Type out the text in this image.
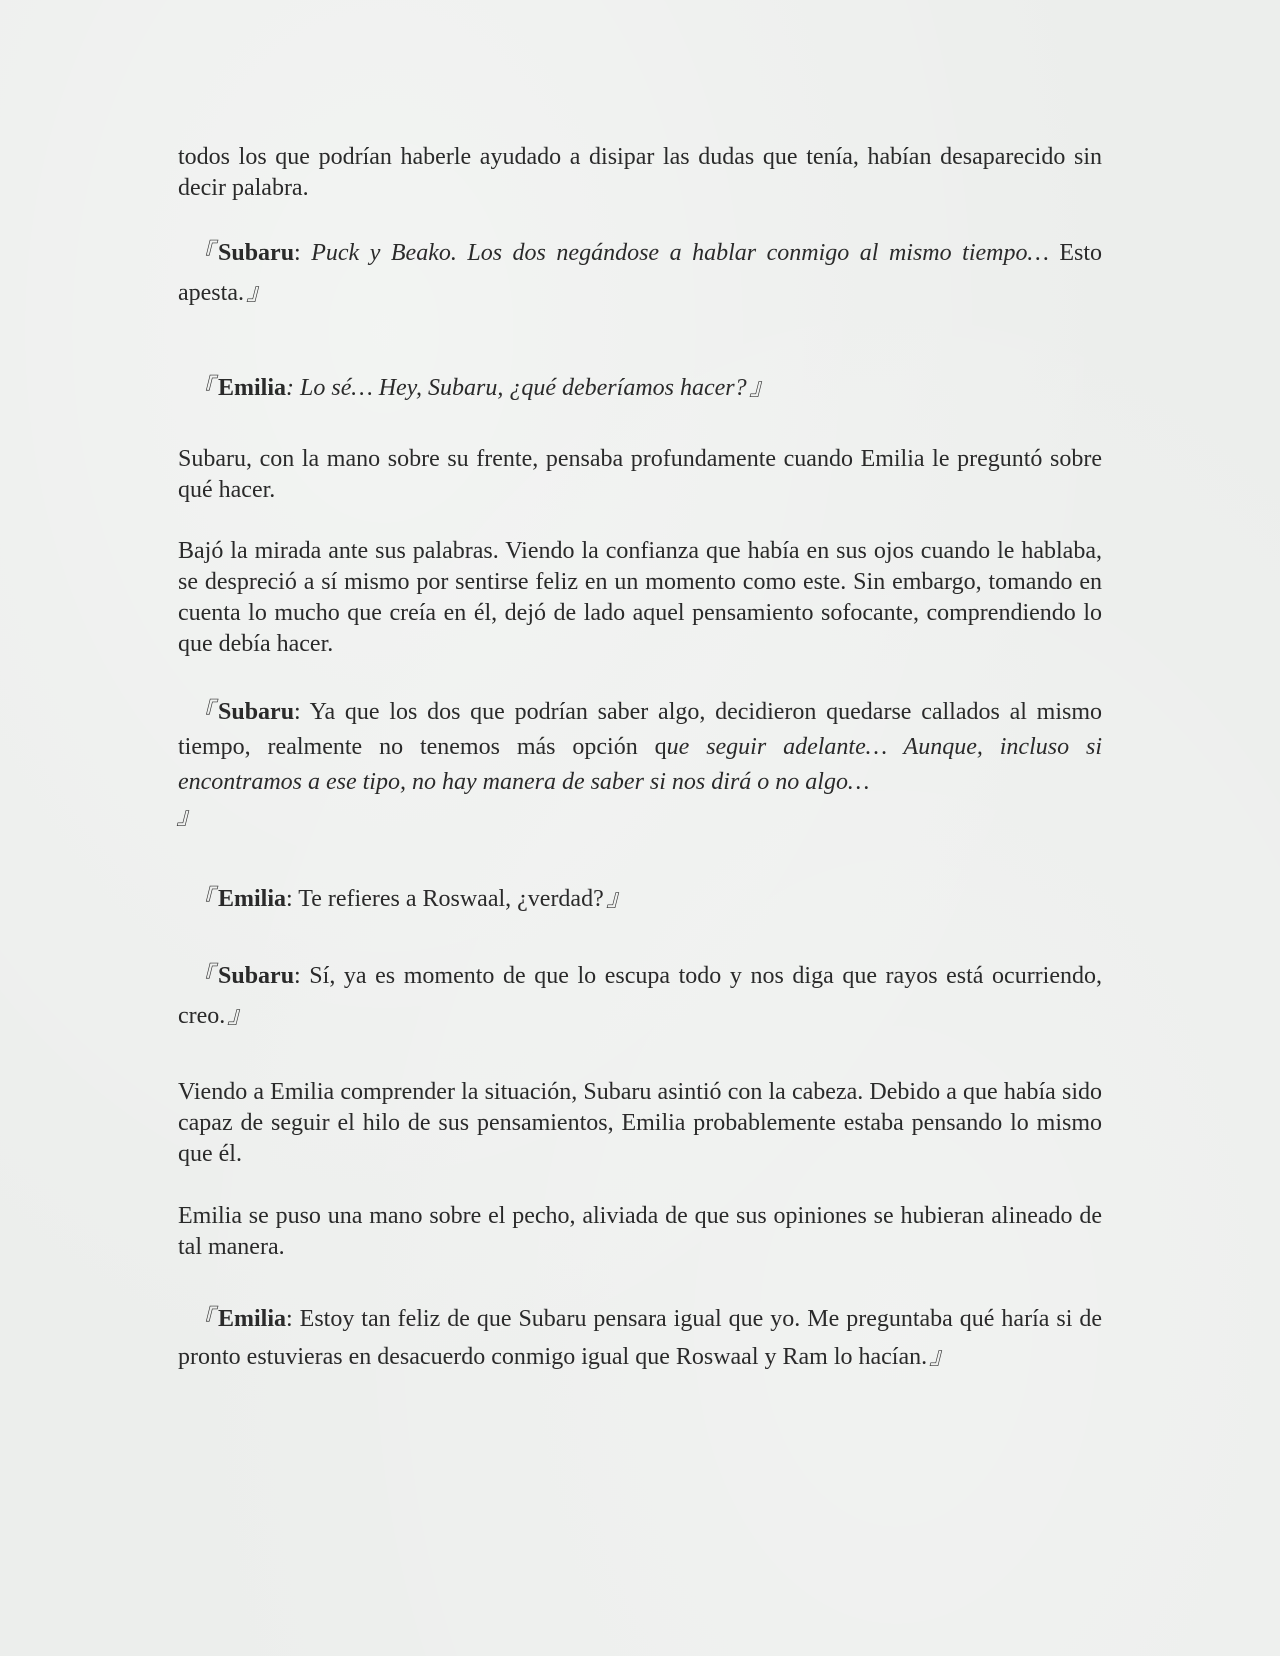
todos los que podrían haberle ayudado a disipar las dudas que tenía, habían desaparecido sin decir palabra.

『Subaru: Puck y Beako. Los dos negándose a hablar conmigo al mismo tiempo… Esto apesta.』

『Emilia: Lo sé… Hey, Subaru, ¿qué deberíamos hacer?』

Subaru, con la mano sobre su frente, pensaba profundamente cuando Emilia le preguntó sobre qué hacer.

Bajó la mirada ante sus palabras. Viendo la confianza que había en sus ojos cuando le hablaba, se despreció a sí mismo por sentirse feliz en un momento como este. Sin embargo, tomando en cuenta lo mucho que creía en él, dejó de lado aquel pensamiento sofocante, comprendiendo lo que debía hacer.

『Subaru: Ya que los dos que podrían saber algo, decidieron quedarse callados al mismo tiempo, realmente no tenemos más opción que seguir adelante… Aunque, incluso si encontramos a ese tipo, no hay manera de saber si nos dirá o no algo…
』

『Emilia: Te refieres a Roswaal, ¿verdad?』

『Subaru: Sí, ya es momento de que lo escupa todo y nos diga que rayos está ocurriendo, creo.』

Viendo a Emilia comprender la situación, Subaru asintió con la cabeza. Debido a que había sido capaz de seguir el hilo de sus pensamientos, Emilia probablemente estaba pensando lo mismo que él.

Emilia se puso una mano sobre el pecho, aliviada de que sus opiniones se hubieran alineado de tal manera.

『Emilia: Estoy tan feliz de que Subaru pensara igual que yo. Me preguntaba qué haría si de pronto estuvieras en desacuerdo conmigo igual que Roswaal y Ram lo hacían.』
